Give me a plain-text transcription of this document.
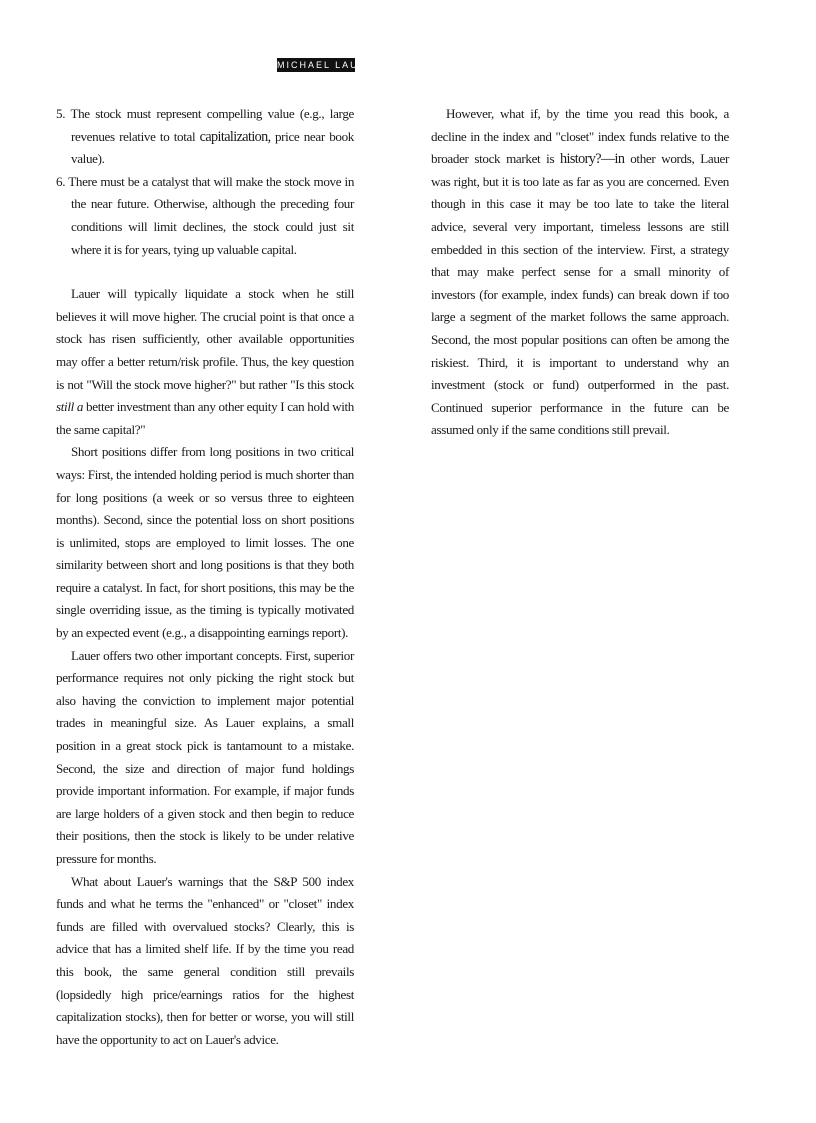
MICHAEL LAUER

5. The stock must represent compelling value (e.g., large revenues relative to total capitalization, price near book value).

6. There must be a catalyst that will make the stock move in the near future. Otherwise, although the preceding four conditions will limit declines, the stock could just sit where it is for years, tying up valuable capital.

Lauer will typically liquidate a stock when he still believes it will move higher. The crucial point is that once a stock has risen sufficiently, other available opportunities may offer a better return/risk profile. Thus, the key question is not "Will the stock move higher?" but rather "Is this stock still a better investment than any other equity I can hold with the same capital?"

Short positions differ from long positions in two critical ways: First, the intended holding period is much shorter than for long positions (a week or so versus three to eighteen months). Second, since the potential loss on short positions is unlimited, stops are employed to limit losses. The one similarity between short and long positions is that they both require a catalyst. In fact, for short positions, this may be the single overriding issue, as the timing is typically motivated by an expected event (e.g., a disappointing earnings report).

Lauer offers two other important concepts. First, superior performance requires not only picking the right stock but also having the conviction to implement major potential trades in meaningful size. As Lauer explains, a small position in a great stock pick is tantamount to a mistake. Second, the size and direction of major fund holdings provide important information. For example, if major funds are large holders of a given stock and then begin to reduce their positions, then the stock is likely to be under relative pressure for months.

What about Lauer's warnings that the S&P 500 index funds and what he terms the "enhanced" or "closet" index funds are filled with overvalued stocks? Clearly, this is advice that has a limited shelf life. If by the time you read this book, the same general condition still prevails (lopsidedly high price/earnings ratios for the highest capitalization stocks), then for better or worse, you will still have the opportunity to act on Lauer's advice.

However, what if, by the time you read this book, a decline in the index and "closet" index funds relative to the broader stock market is history?—in other words, Lauer was right, but it is too late as far as you are concerned. Even though in this case it may be too late to take the literal advice, several very important, timeless lessons are still embedded in this section of the interview. First, a strategy that may make perfect sense for a small minority of investors (for example, index funds) can break down if too large a segment of the market follows the same approach. Second, the most popular positions can often be among the riskiest. Third, it is important to understand why an investment (stock or fund) outperformed in the past. Continued superior performance in the future can be assumed only if the same conditions still prevail.
